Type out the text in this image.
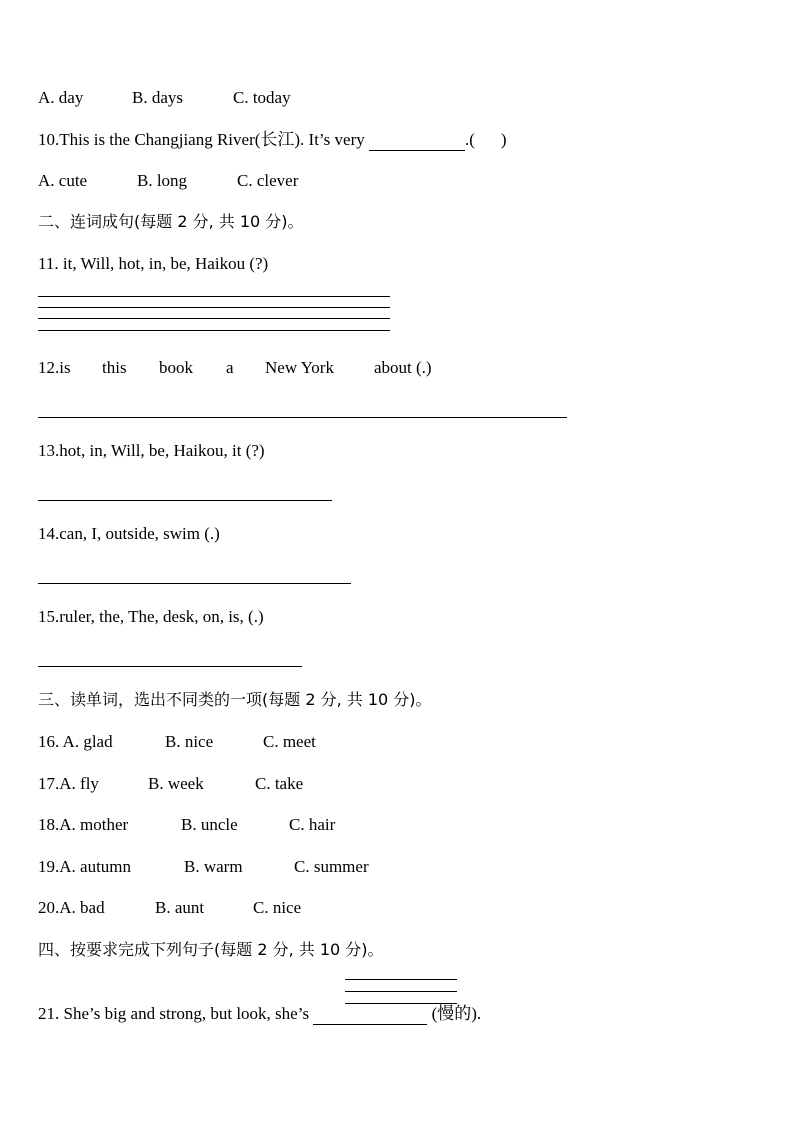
A. day	B. days	C. today
10.This is the Changjiang River(长江). It’s very	.( )
A. cute	B. long	C. clever
二、连词成句(每题 2 分, 共 10 分)。
11. it, Will, hot, in, be, Haikou (?)
12.is this book a New York about (.)
13.hot, in, Will, be, Haikou, it (?)
14.can, I, outside, swim (.)
15.ruler, the, The, desk, on, is, (.)
三、读单词，选出不同类的一项(每题 2 分, 共 10 分)。
16. A. glad	B. nice	C. meet
17.A. fly	B. week	C. take
18.A. mother	B. uncle	C. hair
19.A. autumn	B. warm	C. summer
20.A. bad	B. aunt	C. nice
四、按要求完成下列句子(每题 2 分, 共 10 分)。
21. She’s big and strong, but look, she’s	(慢的).
